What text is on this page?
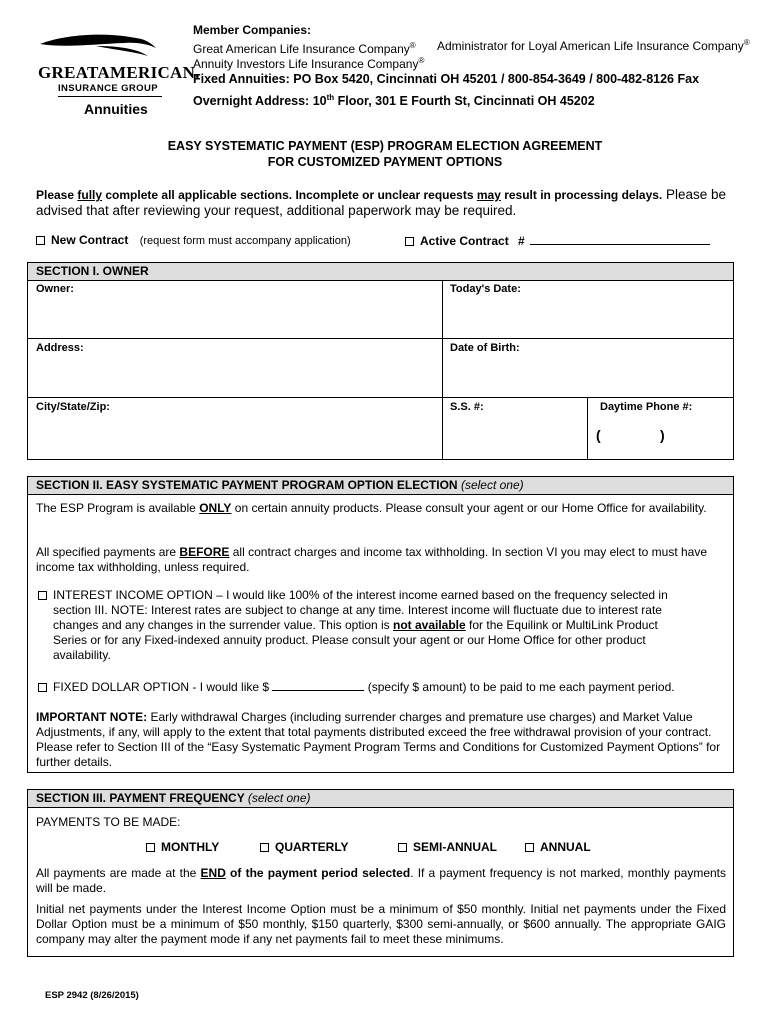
GREATAMERICAN.
INSURANCE GROUP
Annuities
Member Companies:
Great American Life Insurance Company®
Annuity Investors Life Insurance Company®
Administrator for Loyal American Life Insurance Company®
Fixed Annuities: PO Box 5420, Cincinnati OH 45201 / 800-854-3649 / 800-482-8126 Fax
Overnight Address: 10th Floor, 301 E Fourth St, Cincinnati OH 45202
EASY SYSTEMATIC PAYMENT (ESP) PROGRAM ELECTION AGREEMENT
FOR CUSTOMIZED PAYMENT OPTIONS
Please fully complete all applicable sections. Incomplete or unclear requests may result in processing delays. Please be advised that after reviewing your request, additional paperwork may be required.
New Contract (request form must accompany application)	Active Contract #
SECTION I. OWNER
Owner:	Today's Date:
Address:	Date of Birth:
City/State/Zip:	S.S. #:	Daytime Phone #:
(	)
SECTION II. EASY SYSTEMATIC PAYMENT PROGRAM OPTION ELECTION (select one)
The ESP Program is available ONLY on certain annuity products. Please consult your agent or our Home Office for availability.
All specified payments are BEFORE all contract charges and income tax withholding. In section VI you may elect to must have income tax withholding, unless required.
INTEREST INCOME OPTION – I would like 100% of the interest income earned based on the frequency selected in section III. NOTE: Interest rates are subject to change at any time. Interest income will fluctuate due to interest rate changes and any changes in the surrender value. This option is not available for the Equilink or MultiLink Product Series or for any Fixed-indexed annuity product. Please consult your agent or our Home Office for other product availability.
FIXED DOLLAR OPTION - I would like $	(specify $ amount) to be paid to me each payment period.
IMPORTANT NOTE: Early withdrawal Charges (including surrender charges and premature use charges) and Market Value Adjustments, if any, will apply to the extent that total payments distributed exceed the free withdrawal provision of your contract. Please refer to Section III of the “Easy Systematic Payment Program Terms and Conditions for Customized Payment Options” for further details.
SECTION III. PAYMENT FREQUENCY (select one)
PAYMENTS TO BE MADE:
MONTHLY	QUARTERLY	SEMI-ANNUAL	ANNUAL
All payments are made at the END of the payment period selected. If a payment frequency is not marked, monthly payments will be made.
Initial net payments under the Interest Income Option must be a minimum of $50 monthly. Initial net payments under the Fixed Dollar Option must be a minimum of $50 monthly, $150 quarterly, $300 semi-annually, or $600 annually. The appropriate GAIG company may alter the payment mode if any net payments fail to meet these minimums.
ESP 2942 (8/26/2015)
